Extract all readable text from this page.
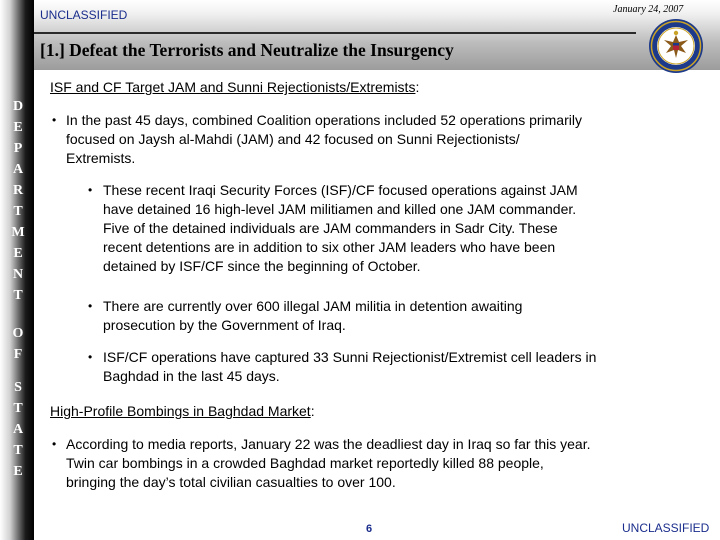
D
E
P
A
R
T
M
E
N
T
O
F
S
T
A
T
E
UNCLASSIFIED	January 24, 2007
[1.] Defeat the Terrorists and Neutralize the Insurgency
ISF and CF Target JAM and Sunni Rejectionists/Extremists:
• In the past 45 days, combined Coalition operations included 52 operations primarily
focused on Jaysh al-Mahdi (JAM) and 42 focused on Sunni Rejectionists/
Extremists.
• These recent Iraqi Security Forces (ISF)/CF focused operations against JAM
have detained 16 high-level JAM militiamen and killed one JAM commander.
Five of the detained individuals are JAM commanders in Sadr City. These
recent detentions are in addition to six other JAM leaders who have been
detained by ISF/CF since the beginning of October.
• There are currently over 600 illegal JAM militia in detention awaiting
prosecution by the Government of Iraq.
• ISF/CF operations have captured 33 Sunni Rejectionist/Extremist cell leaders in
Baghdad in the last 45 days.
High-Profile Bombings in Baghdad Market:
• According to media reports, January 22 was the deadliest day in Iraq so far this year.
Twin car bombings in a crowded Baghdad market reportedly killed 88 people,
bringing the day’s total civilian casualties to over 100.
6	UNCLASSIFIED
